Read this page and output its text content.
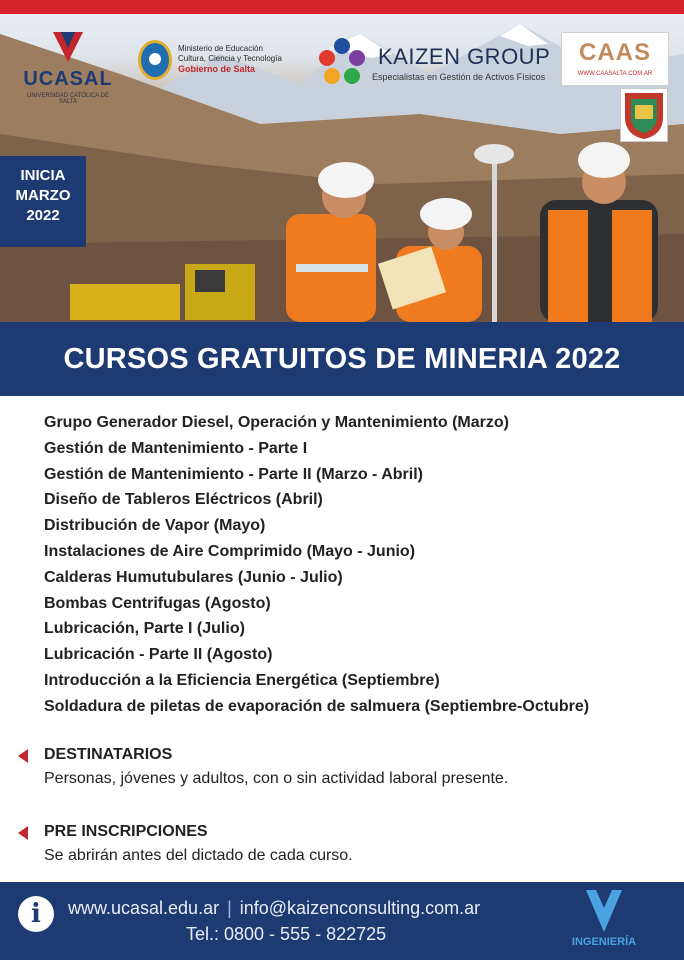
UCASAL
UNIVERSIDAD CATÓLICA DE SALTA
Ministerio de Educación
Cultura, Ciencia y Tecnología
Gobierno de Salta	KAIZEN GROUP
Especialistas en Gestión de Activos Físicos
CAAS
WWW.CAASALTA.COM.AR
INICIA
MARZO
2022
CURSOS GRATUITOS DE MINERIA 2022
Grupo Generador Diesel, Operación y Mantenimiento (Marzo)
Gestión de Mantenimiento - Parte I
Gestión de Mantenimiento - Parte II (Marzo - Abril)
Diseño de Tableros Eléctricos (Abril)
Distribución de Vapor (Mayo)
Instalaciones de Aire Comprimido (Mayo - Junio)
Calderas Humutubulares (Junio - Julio)
Bombas Centrifugas (Agosto)
Lubricación, Parte I (Julio)
Lubricación - Parte II (Agosto)
Introducción a la Eficiencia Energética (Septiembre)
Soldadura de piletas de evaporación de salmuera (Septiembre-Octubre)
DESTINATARIOS
Personas, jóvenes y adultos, con o sin actividad laboral presente.
PRE INSCRIPCIONES
Se abrirán antes del dictado de cada curso.
i	www.ucasal.edu.ar | info@kaizenconsulting.com.ar
Tel.: 0800 - 555 - 822725	INGENIERÍA
